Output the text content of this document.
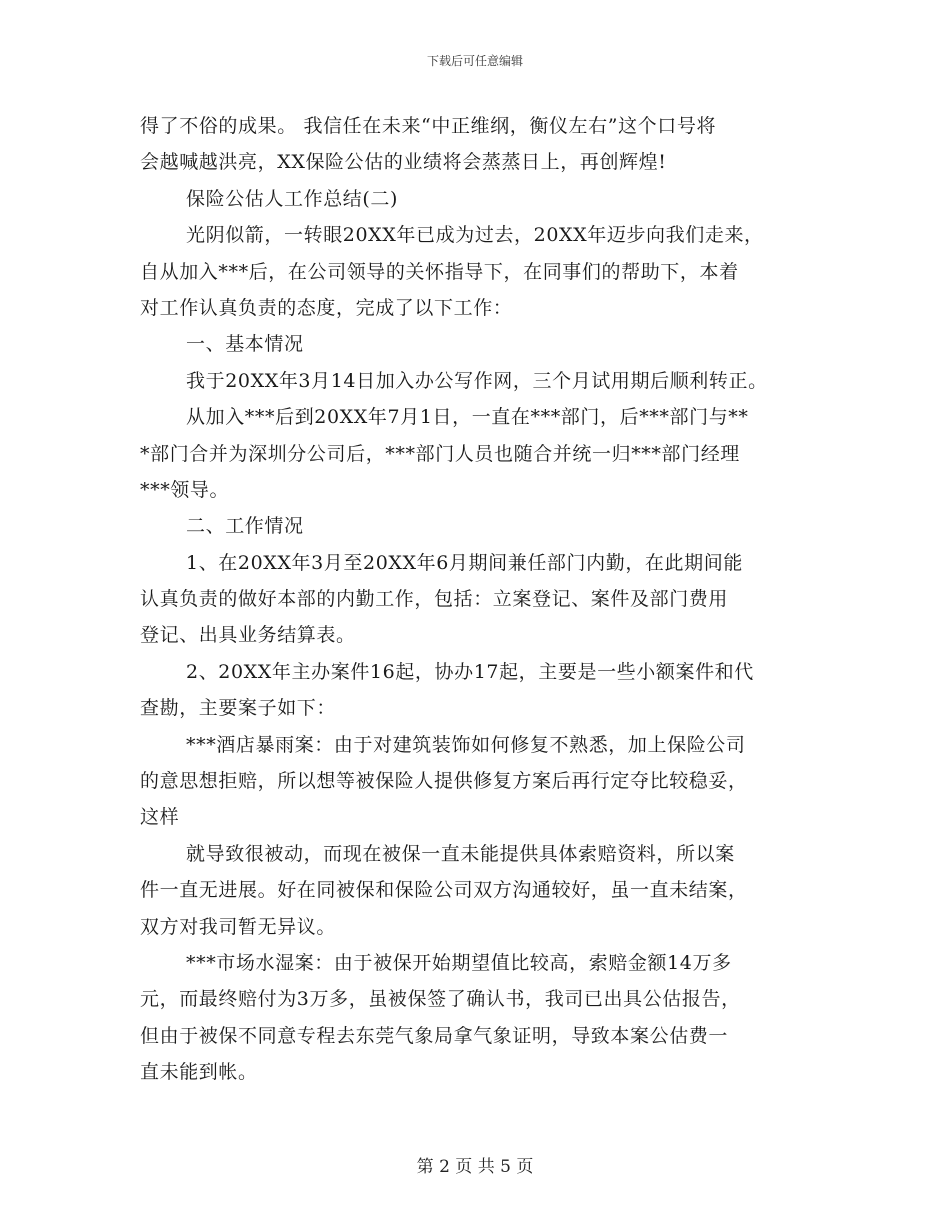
下载后可任意编辑
得了不俗的成果。 我信任在未来“中正维纲，衡仪左右”这个口号将
会越喊越洪亮，XX保险公估的业绩将会蒸蒸日上，再创辉煌!
保险公估人工作总结(二)
光阴似箭，一转眼20XX年已成为过去，20XX年迈步向我们走来，
自从加入***后，在公司领导的关怀指导下，在同事们的帮助下，本着
对工作认真负责的态度，完成了以下工作：
一、基本情况
我于20XX年3月14日加入办公写作网，三个月试用期后顺利转正。
从加入***后到20XX年7月1日，一直在***部门，后***部门与**
*部门合并为深圳分公司后，***部门人员也随合并统一归***部门经理
***领导。
二、工作情况
1、在20XX年3月至20XX年6月期间兼任部门内勤，在此期间能
认真负责的做好本部的内勤工作，包括：立案登记、案件及部门费用
登记、出具业务结算表。
2、20XX年主办案件16起，协办17起，主要是一些小额案件和代
查勘，主要案子如下：
***酒店暴雨案：由于对建筑装饰如何修复不熟悉，加上保险公司
的意思想拒赔，所以想等被保险人提供修复方案后再行定夺比较稳妥，
这样
就导致很被动，而现在被保一直未能提供具体索赔资料，所以案
件一直无进展。好在同被保和保险公司双方沟通较好，虽一直未结案，
双方对我司暂无异议。
***市场水湿案：由于被保开始期望值比较高，索赔金额14万多
元，而最终赔付为3万多，虽被保签了确认书，我司已出具公估报告，
但由于被保不同意专程去东莞气象局拿气象证明，导致本案公估费一
直未能到帐。
第 2 页 共 5 页
